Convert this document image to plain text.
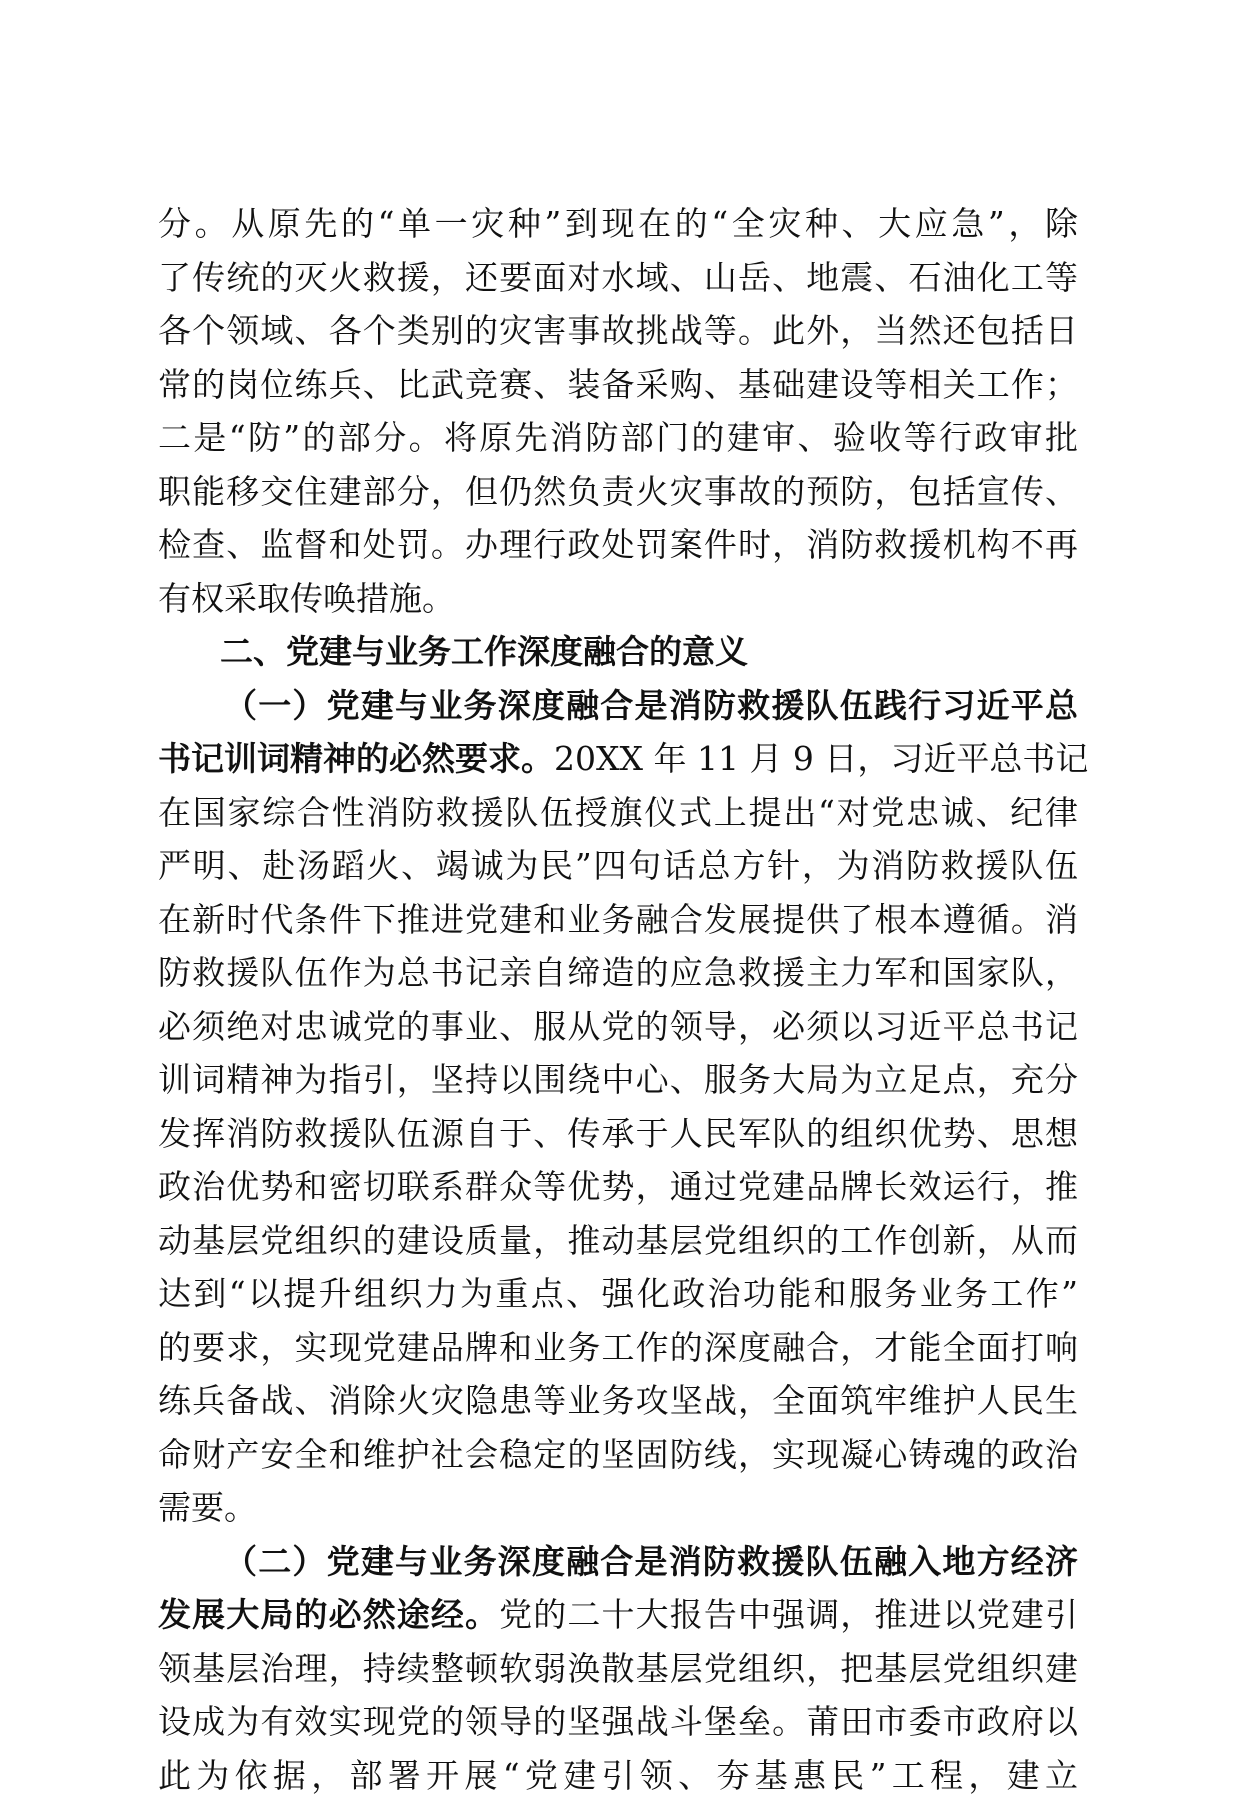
分。从原先的“单一灾种”到现在的“全灾种、大应急”，除
了传统的灭火救援，还要面对水域、山岳、地震、石油化工等
各个领域、各个类别的灾害事故挑战等。此外，当然还包括日
常的岗位练兵、比武竞赛、装备采购、基础建设等相关工作；
二是“防”的部分。将原先消防部门的建审、验收等行政审批
职能移交住建部分，但仍然负责火灾事故的预防，包括宣传、
检查、监督和处罚。办理行政处罚案件时，消防救援机构不再
有权采取传唤措施。
二、党建与业务工作深度融合的意义
（一）党建与业务深度融合是消防救援队伍践行习近平总
书记训词精神的必然要求。20XX 年 11 月 9 日，习近平总书记
在国家综合性消防救援队伍授旗仪式上提出“对党忠诚、纪律
严明、赴汤蹈火、竭诚为民”四句话总方针，为消防救援队伍
在新时代条件下推进党建和业务融合发展提供了根本遵循。消
防救援队伍作为总书记亲自缔造的应急救援主力军和国家队，
必须绝对忠诚党的事业、服从党的领导，必须以习近平总书记
训词精神为指引，坚持以围绕中心、服务大局为立足点，充分
发挥消防救援队伍源自于、传承于人民军队的组织优势、思想
政治优势和密切联系群众等优势，通过党建品牌长效运行，推
动基层党组织的建设质量，推动基层党组织的工作创新，从而
达到“以提升组织力为重点、强化政治功能和服务业务工作”
的要求，实现党建品牌和业务工作的深度融合，才能全面打响
练兵备战、消除火灾隐患等业务攻坚战，全面筑牢维护人民生
命财产安全和维护社会稳定的坚固防线，实现凝心铸魂的政治
需要。
（二）党建与业务深度融合是消防救援队伍融入地方经济
发展大局的必然途经。党的二十大报告中强调，推进以党建引
领基层治理，持续整顿软弱涣散基层党组织，把基层党组织建
设成为有效实现党的领导的坚强战斗堡垒。莆田市委市政府以
此为依据，部署开展“党建引领、夯基惠民”工程，建立
